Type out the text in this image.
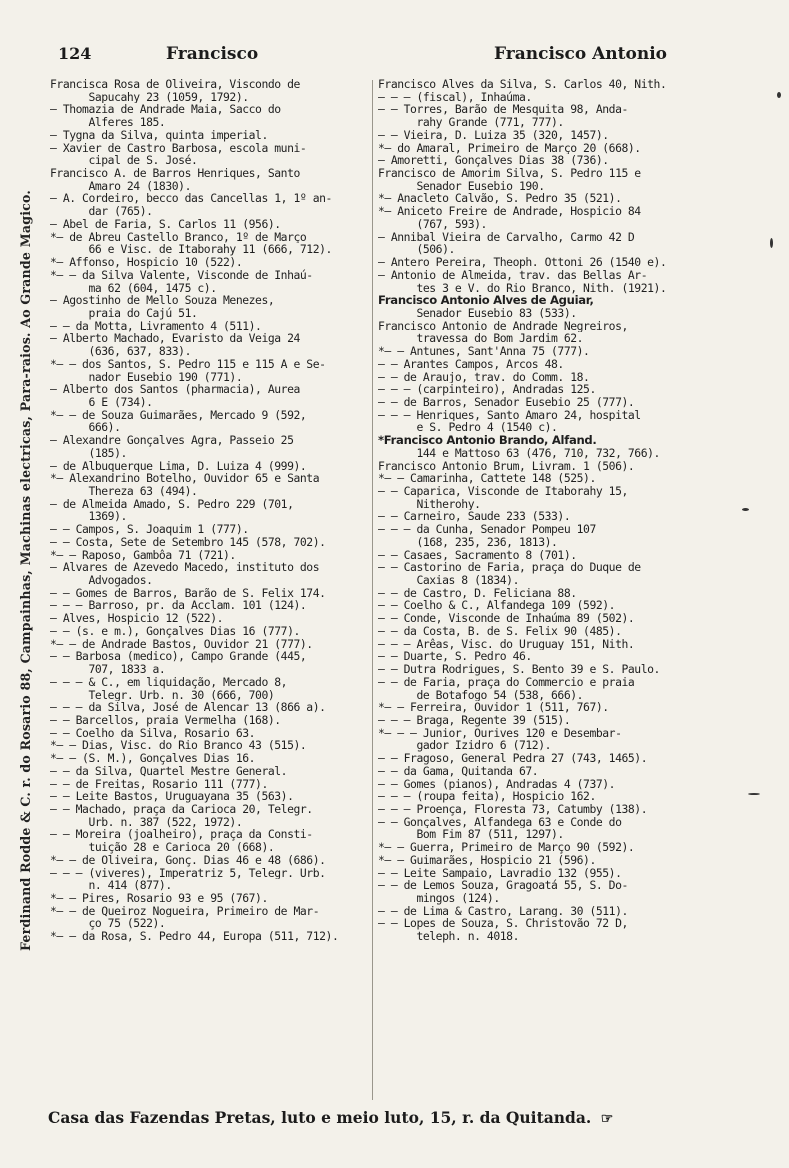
Ferdinand Rodde & C. r. do Rosario 88, Campainhas, Machinas electricas, Para-raios. Ao Grande Magico.
124	Francisco	Francisco Antonio
Francisca Rosa de Oliveira, Viscondo de
Sapucahy 23 (1059, 1792).
— Thomazia de Andrade Maia, Sacco do
Alferes 185.
— Tygna da Silva, quinta imperial.
— Xavier de Castro Barbosa, escola muni-
cipal de S. José.
Francisco A. de Barros Henriques, Santo
Amaro 24 (1830).
— A. Cordeiro, becco das Cancellas 1, 1º an-
dar (765).
— Abel de Faria, S. Carlos 11 (956).
*— de Abreu Castello Branco, 1º de Março
66 e Visc. de Itaborahy 11 (666, 712).
*— Affonso, Hospicio 10 (522).
*— — da Silva Valente, Visconde de Inhaú-
ma 62 (604, 1475 c).
— Agostinho de Mello Souza Menezes,
praia do Cajú 51.
— — da Motta, Livramento 4 (511).
— Alberto Machado, Evaristo da Veiga 24
(636, 637, 833).
*— — dos Santos, S. Pedro 115 e 115 A e Se-
nador Eusebio 190 (771).
— Alberto dos Santos (pharmacia), Aurea
6 E (734).
*— — de Souza Guimarães, Mercado 9 (592,
666).
— Alexandre Gonçalves Agra, Passeio 25
(185).
— de Albuquerque Lima, D. Luiza 4 (999).
*— Alexandrino Botelho, Ouvidor 65 e Santa
Thereza 63 (494).
— de Almeida Amado, S. Pedro 229 (701,
1369).
— — Campos, S. Joaquim 1 (777).
— — Costa, Sete de Setembro 145 (578, 702).
*— — Raposo, Gambôa 71 (721).
— Alvares de Azevedo Macedo, instituto dos
Advogados.
— — Gomes de Barros, Barão de S. Felix 174.
— — — Barroso, pr. da Acclam. 101 (124).
— Alves, Hospicio 12 (522).
— — (s. e m.), Gonçalves Dias 16 (777).
*— — de Andrade Bastos, Ouvidor 21 (777).
— — Barbosa (medico), Campo Grande (445,
707, 1833 a.
— — — & C., em liquidação, Mercado 8,
Telegr. Urb. n. 30 (666, 700)
— — — da Silva, José de Alencar 13 (866 a).
— — Barcellos, praia Vermelha (168).
— — Coelho da Silva, Rosario 63.
*— — Dias, Visc. do Rio Branco 43 (515).
*— — (S. M.), Gonçalves Dias 16.
— — da Silva, Quartel Mestre General.
— — de Freitas, Rosario 111 (777).
— — Leite Bastos, Uruguayana 35 (563).
— — Machado, praça da Carioca 20, Telegr.
Urb. n. 387 (522, 1972).
— — Moreira (joalheiro), praça da Consti-
tuição 28 e Carioca 20 (668).
*— — de Oliveira, Gonç. Dias 46 e 48 (686).
— — — (viveres), Imperatriz 5, Telegr. Urb.
n. 414 (877).
*— — Pires, Rosario 93 e 95 (767).
*— — de Queiroz Nogueira, Primeiro de Mar-
ço 75 (522).
*— — da Rosa, S. Pedro 44, Europa (511, 712).
Francisco Alves da Silva, S. Carlos 40, Nith.
— — — (fiscal), Inhaúma.
— — Torres, Barão de Mesquita 98, Anda-
rahy Grande (771, 777).
— — Vieira, D. Luiza 35 (320, 1457).
*— do Amaral, Primeiro de Março 20 (668).
— Amoretti, Gonçalves Dias 38 (736).
Francisco de Amorim Silva, S. Pedro 115 e
Senador Eusebio 190.
*— Anacleto Calvão, S. Pedro 35 (521).
*— Aniceto Freire de Andrade, Hospicio 84
(767, 593).
— Annibal Vieira de Carvalho, Carmo 42 D
(506).
— Antero Pereira, Theoph. Ottoni 26 (1540 e).
— Antonio de Almeida, trav. das Bellas Ar-
tes 3 e V. do Rio Branco, Nith. (1921).
Francisco Antonio Alves de Aguiar,
Senador Eusebio 83 (533).
Francisco Antonio de Andrade Negreiros,
travessa do Bom Jardim 62.
*— — Antunes, Sant'Anna 75 (777).
— — Arantes Campos, Arcos 48.
— — de Araujo, trav. do Comm. 18.
— — — (carpinteiro), Andradas 125.
— — de Barros, Senador Eusebio 25 (777).
— — — Henriques, Santo Amaro 24, hospital
e S. Pedro 4 (1540 c).
*Francisco Antonio Brando, Alfand.
144 e Mattoso 63 (476, 710, 732, 766).
Francisco Antonio Brum, Livram. 1 (506).
*— — Camarinha, Cattete 148 (525).
— — Caparica, Visconde de Itaborahy 15,
Nitherohy.
— — Carneiro, Saude 233 (533).
— — — da Cunha, Senador Pompeu 107
(168, 235, 236, 1813).
— — Casaes, Sacramento 8 (701).
— — Castorino de Faria, praça do Duque de
Caxias 8 (1834).
— — de Castro, D. Feliciana 88.
— — Coelho & C., Alfandega 109 (592).
— — Conde, Visconde de Inhaúma 89 (502).
— — da Costa, B. de S. Felix 90 (485).
— — — Arêas, Visc. do Uruguay 151, Nith.
— — Duarte, S. Pedro 46.
— — Dutra Rodrigues, S. Bento 39 e S. Paulo.
— — de Faria, praça do Commercio e praia
de Botafogo 54 (538, 666).
*— — Ferreira, Ouvidor 1 (511, 767).
— — — Braga, Regente 39 (515).
*— — — Junior, Ourives 120 e Desembar-
gador Izidro 6 (712).
— — Fragoso, General Pedra 27 (743, 1465).
— — da Gama, Quitanda 67.
— — Gomes (pianos), Andradas 4 (737).
— — — (roupa feita), Hospicio 162.
— — — Proença, Floresta 73, Catumby (138).
— — Gonçalves, Alfandega 63 e Conde do
Bom Fim 87 (511, 1297).
*— — Guerra, Primeiro de Março 90 (592).
*— — Guimarães, Hospicio 21 (596).
— — Leite Sampaio, Lavradio 132 (955).
— — de Lemos Souza, Gragoatá 55, S. Do-
mingos (124).
— — de Lima & Castro, Larang. 30 (511).
— — Lopes de Souza, S. Christovão 72 D,
teleph. n. 4018.
Casa das Fazendas Pretas, luto e meio luto, 15, r. da Quitanda. ☞
